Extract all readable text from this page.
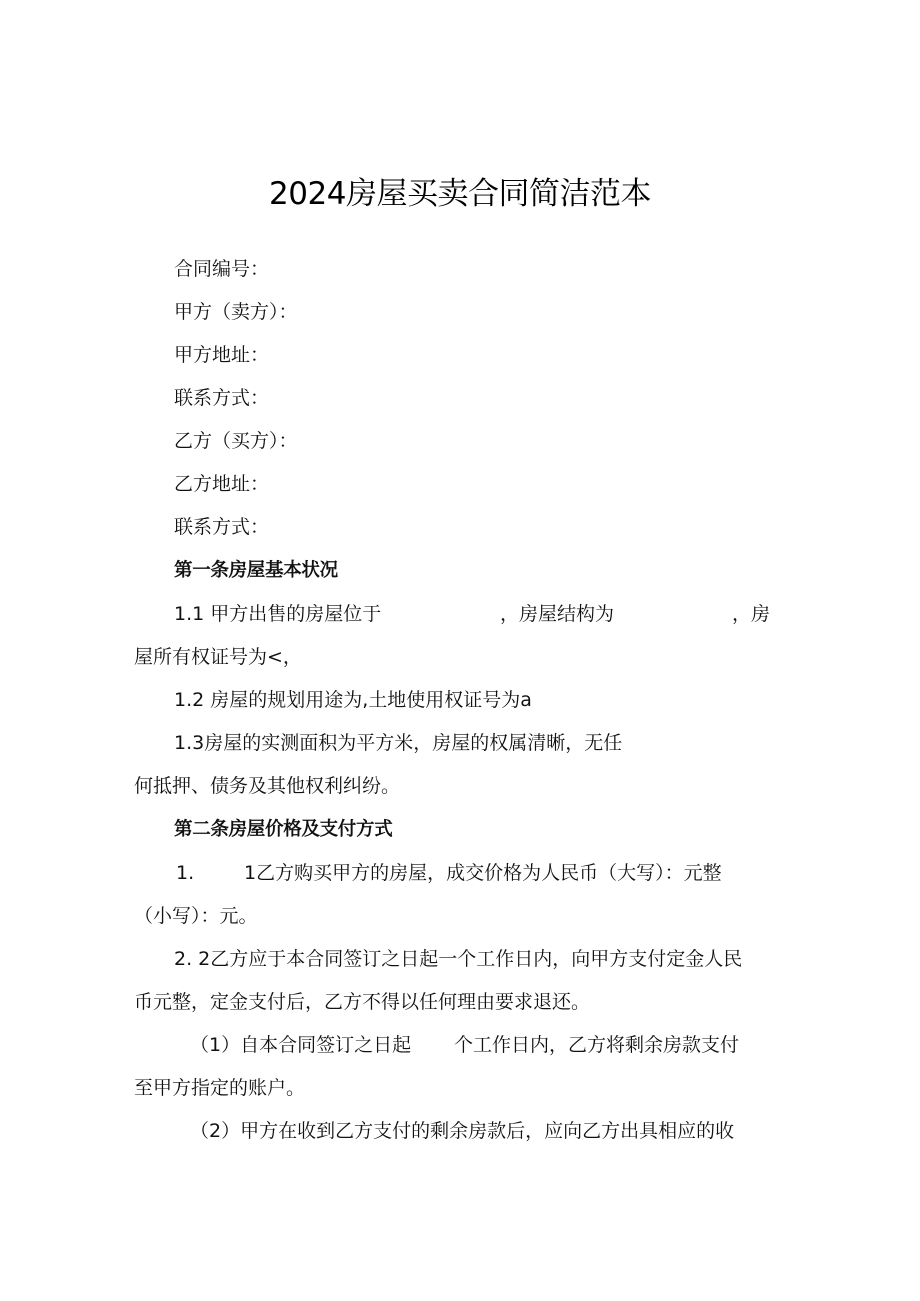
2024房屋买卖合同简洁范本
合同编号：
甲方（卖方）：
甲方地址：
联系方式：
乙方（买方）：
乙方地址：
联系方式：
第一条房屋基本状况
1.1 甲方出售的房屋位于	，房屋结构为	，房
屋所有权证号为<，
1.2 房屋的规划用途为,土地使用权证号为a
1.3房屋的实测面积为平方米，房屋的权属清晰，无任
何抵押、债务及其他权利纠纷。
第二条房屋价格及支付方式
1.	1乙方购买甲方的房屋，成交价格为人民币（大写）：元整
（小写）：元。
2. 2乙方应于本合同签订之日起一个工作日内，向甲方支付定金人民
币元整，定金支付后，乙方不得以任何理由要求退还。
（1）自本合同签订之日起 个工作日内，乙方将剩余房款支付
至甲方指定的账户。
（2）甲方在收到乙方支付的剩余房款后，应向乙方出具相应的收
